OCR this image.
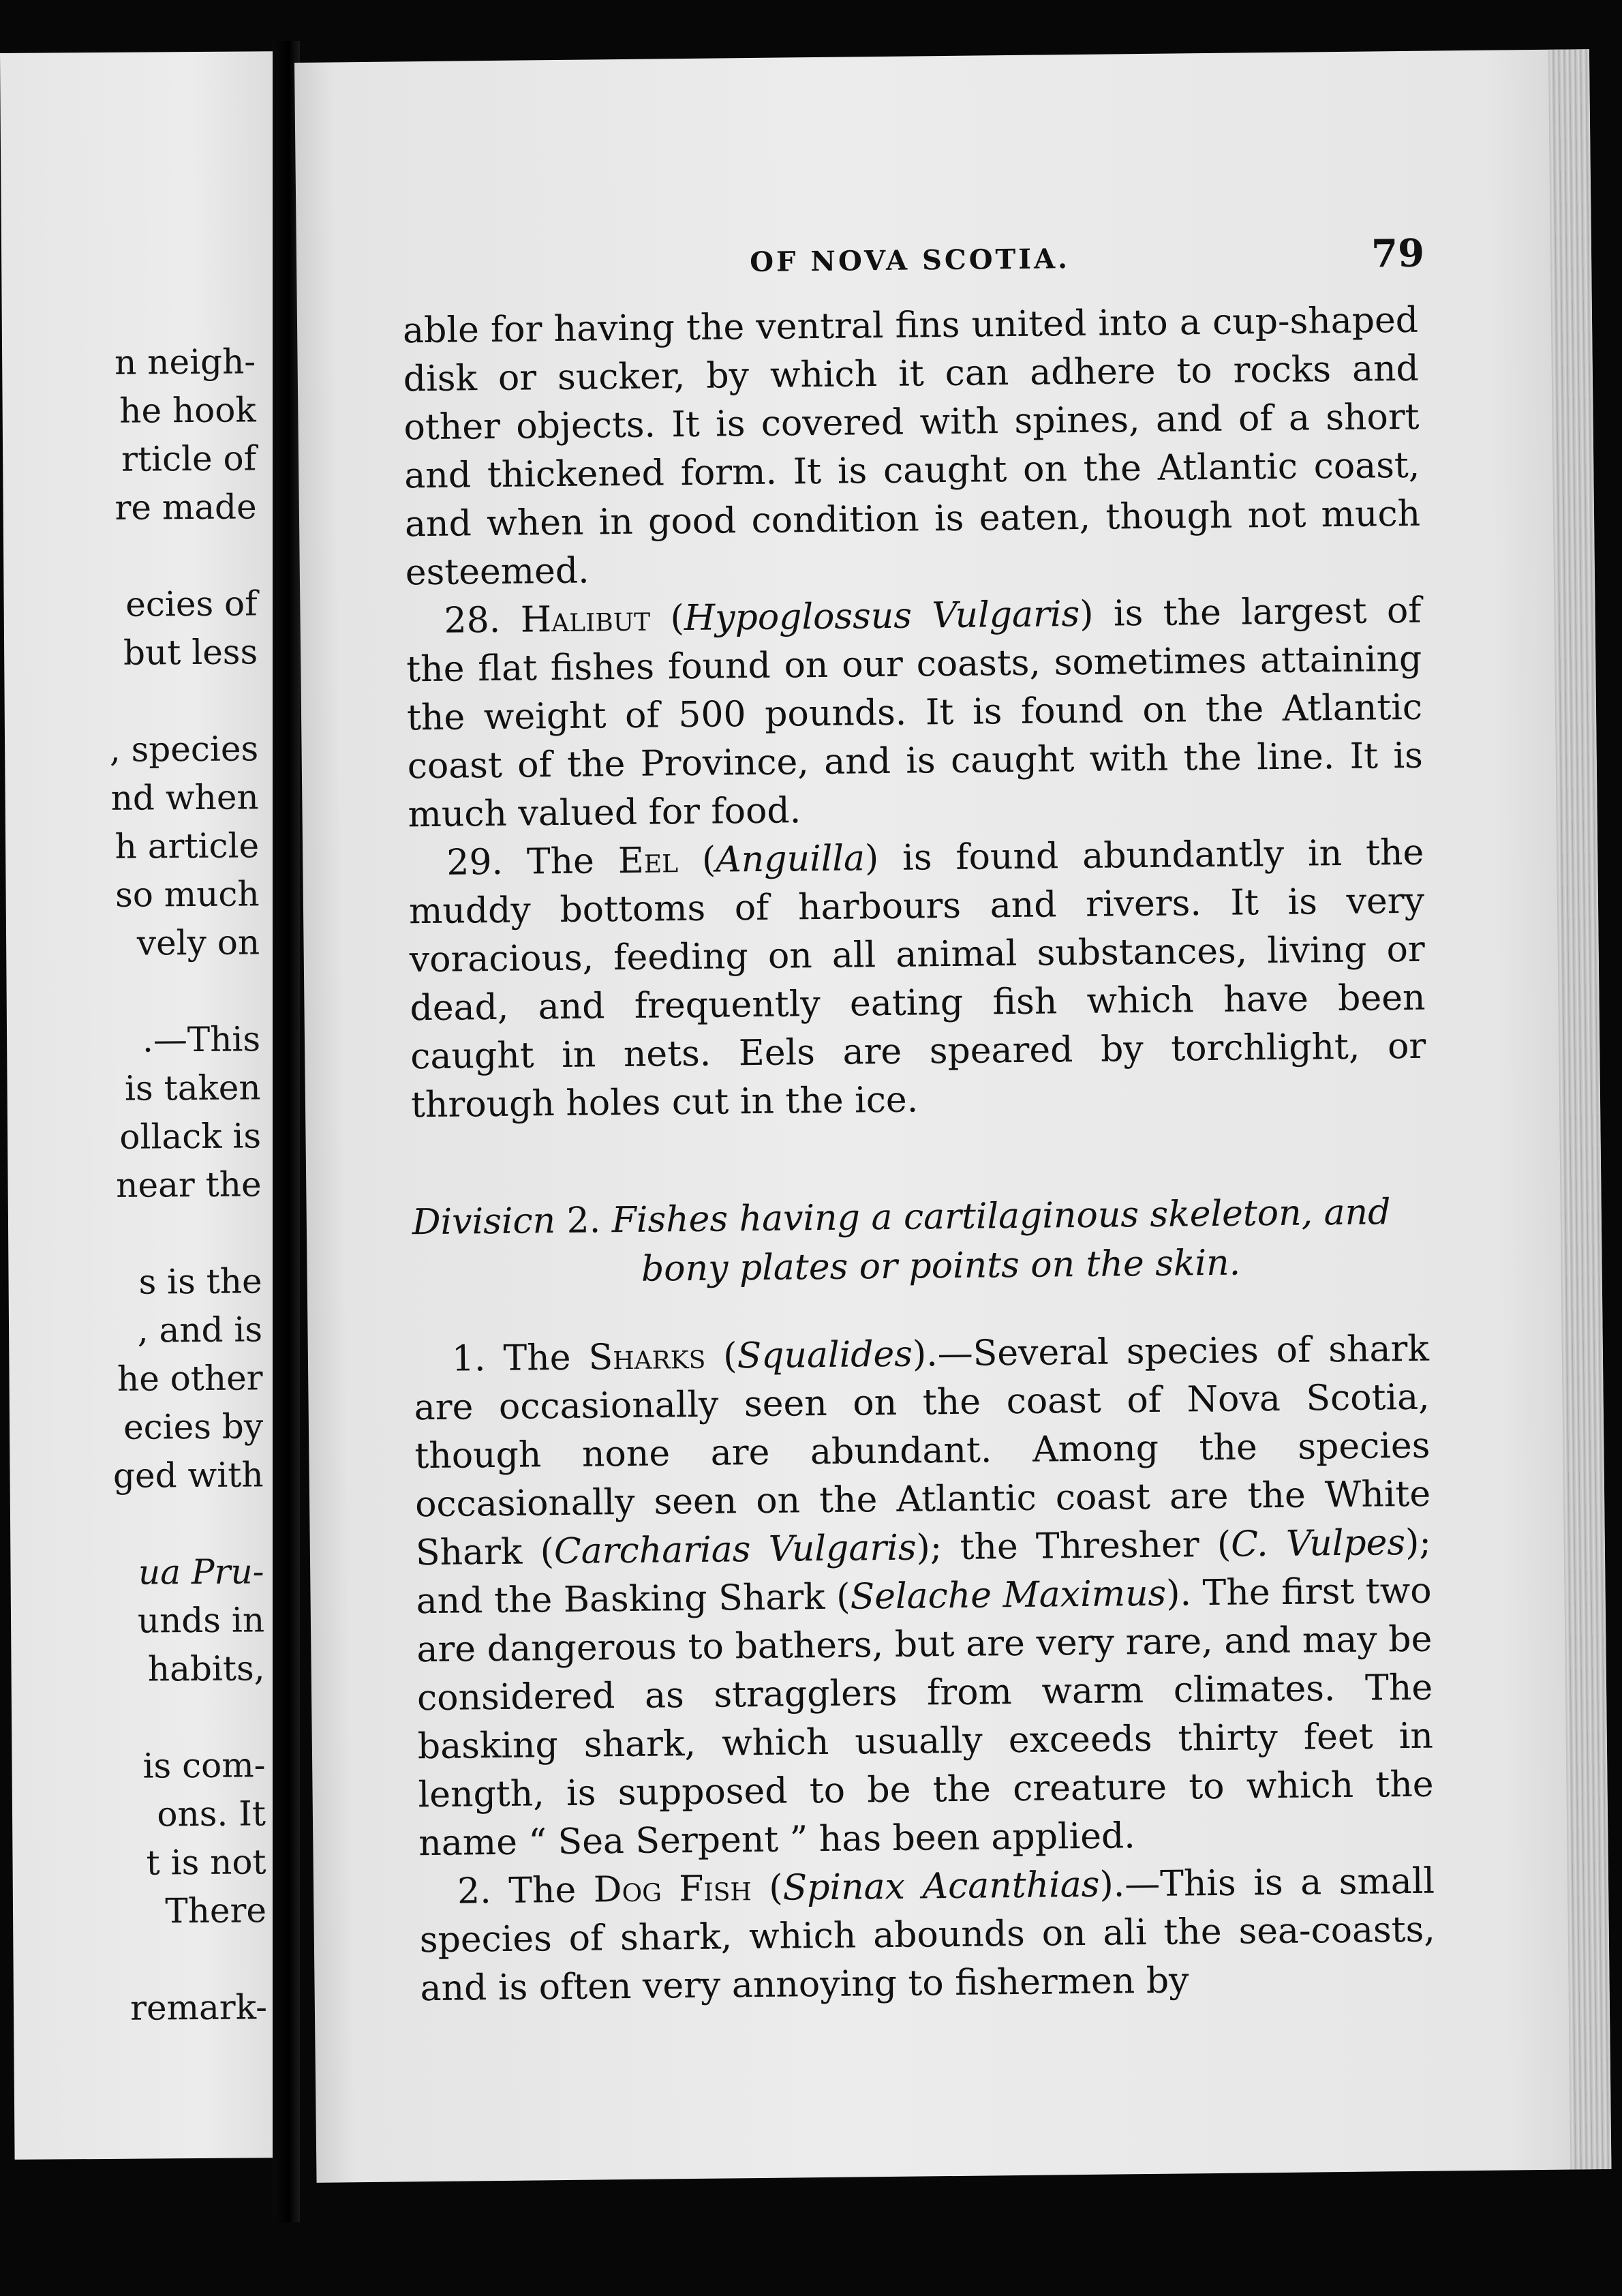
n neigh-
he hook
rticle of
re made
ecies of
but less
, species
nd when
h article
so much
vely on
.—This
is taken
ollack is
near the
s is the
, and is
he other
ecies by
ged with
ua Pru-
unds in
habits,
is com-
ons. It
t is not
There
remark-
OF NOVA SCOTIA.	79

able for having the ventral fins united into a cup-shaped disk or sucker, by which it can adhere to rocks and other objects. It is covered with spines, and of a short and thickened form. It is caught on the Atlantic coast, and when in good condition is eaten, though not much esteemed.

28. Halibut (Hypoglossus Vulgaris) is the largest of the flat fishes found on our coasts, sometimes attaining the weight of 500 pounds. It is found on the Atlantic coast of the Province, and is caught with the line. It is much valued for food.

29. The Eel (Anguilla) is found abundantly in the muddy bottoms of harbours and rivers. It is very voracious, feeding on all animal substances, living or dead, and frequently eating fish which have been caught in nets. Eels are speared by torchlight, or through holes cut in the ice.

Divisicn 2. Fishes having a cartilaginous skeleton, and
bony plates or points on the skin.

1. The Sharks (Squalides).—Several species of shark are occasionally seen on the coast of Nova Scotia, though none are abundant. Among the species occasionally seen on the Atlantic coast are the White Shark (Carcharias Vulgaris); the Thresher (C. Vulpes); and the Basking Shark (Selache Maximus). The first two are dangerous to bathers, but are very rare, and may be considered as stragglers from warm climates. The basking shark, which usually exceeds thirty feet in length, is supposed to be the creature to which the name “ Sea Serpent ” has been applied.

2. The Dog Fish (Spinax Acanthias).—This is a small species of shark, which abounds on ali the sea-coasts, and is often very annoying to fishermen by
